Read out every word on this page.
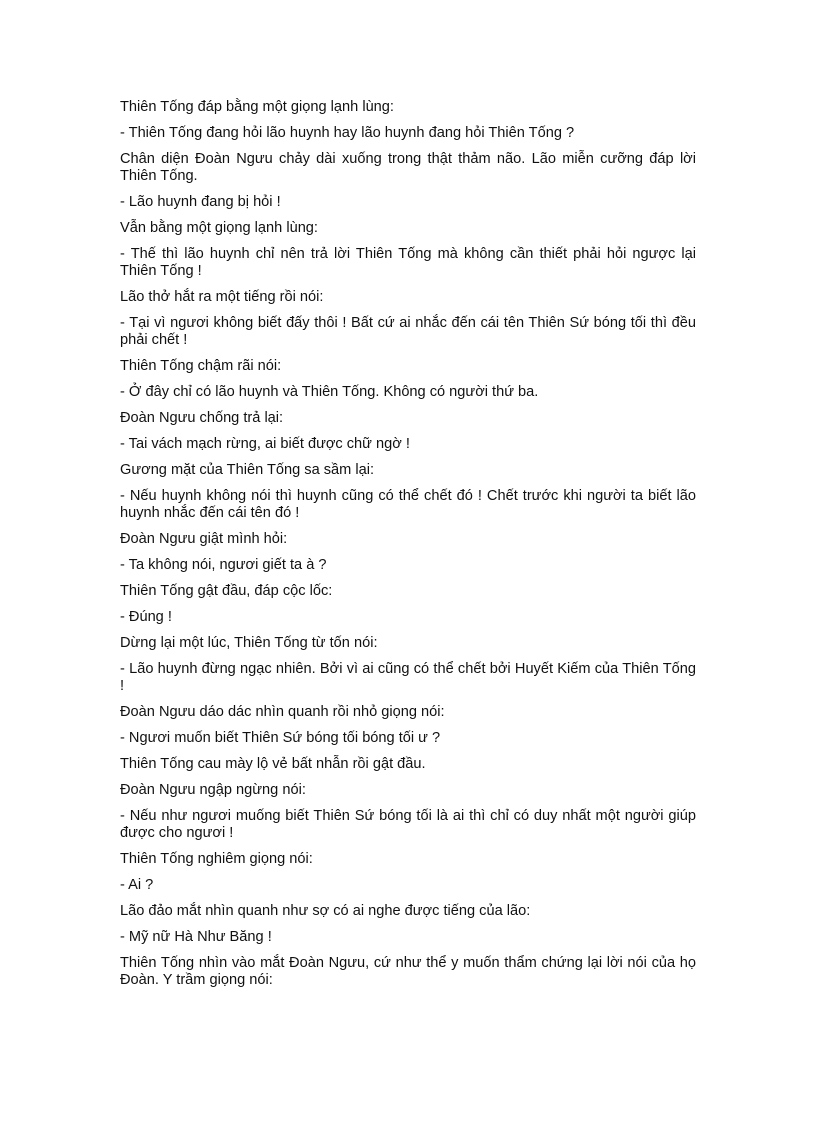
Thiên Tống đáp bằng một giọng lạnh lùng:

- Thiên Tống đang hỏi lão huynh hay lão huynh đang hỏi Thiên Tống ?

Chân diện Đoàn Ngưu chảy dài xuống trong thật thảm não. Lão miễn cưỡng đáp lời Thiên Tống.

- Lão huynh đang bị hỏi !

Vẫn bằng một giọng lạnh lùng:

- Thế thì lão huynh chỉ nên trả lời Thiên Tống mà không cần thiết phải hỏi ngược lại Thiên Tống !

Lão thở hắt ra một tiếng rồi nói:

- Tại vì ngươi không biết đấy thôi ! Bất cứ ai nhắc đến cái tên Thiên Sứ bóng tối thì đều phải chết !

Thiên Tống chậm rãi nói:

- Ở đây chỉ có lão huynh và Thiên Tống. Không có người thứ ba.

Đoàn Ngưu chống trả lại:

- Tai vách mạch rừng, ai biết được chữ ngờ !

Gương mặt của Thiên Tống sa sầm lại:

- Nếu huynh không nói thì huynh cũng có thể chết đó ! Chết trước khi người ta biết lão huynh nhắc đến cái tên đó !

Đoàn Ngưu giật mình hỏi:

- Ta không nói, ngươi giết ta à ?

Thiên Tống gật đầu, đáp cộc lốc:

- Đúng !

Dừng lại một lúc, Thiên Tống từ tốn nói:

- Lão huynh đừng ngạc nhiên. Bởi vì ai cũng có thể chết bởi Huyết Kiếm của Thiên Tống !

Đoàn Ngưu dáo dác nhìn quanh rồi nhỏ giọng nói:

- Ngươi muốn biết Thiên Sứ bóng tối bóng tối ư ?

Thiên Tống cau mày lộ vẻ bất nhẫn rồi gật đầu.

Đoàn Ngưu ngập ngừng nói:

- Nếu như ngươi muống biết Thiên Sứ bóng tối là ai thì chỉ có duy nhất một người giúp được cho ngươi !

Thiên Tống nghiêm giọng nói:

- Ai ?

Lão đảo mắt nhìn quanh như sợ có ai nghe được tiếng của lão:

- Mỹ nữ Hà Như Băng !

Thiên Tống nhìn vào mắt Đoàn Ngưu, cứ như thể y muốn thẩm chứng lại lời nói của họ Đoàn. Y trầm giọng nói:
